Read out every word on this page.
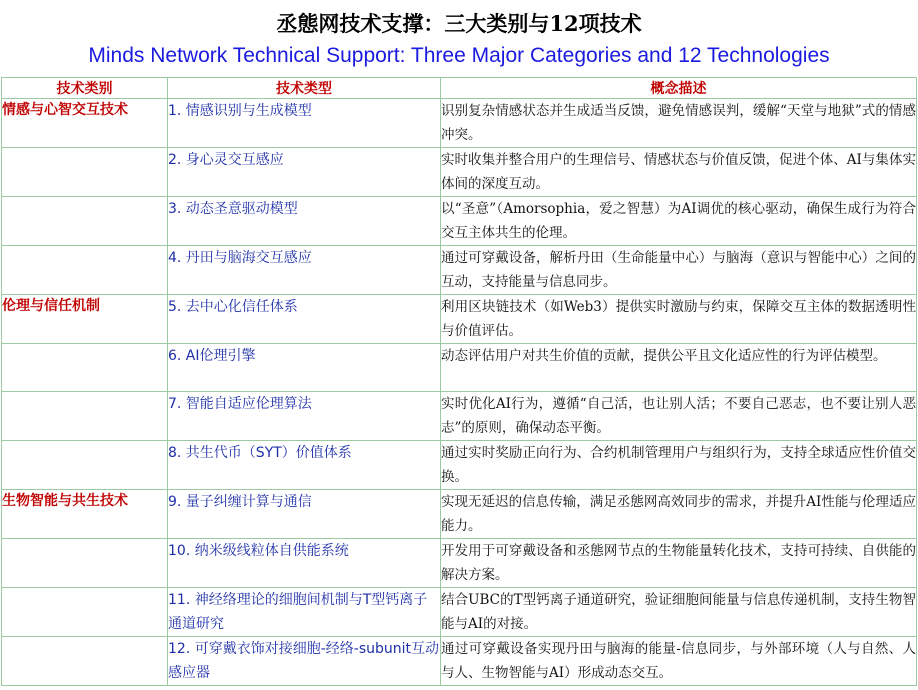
丞態网技术支撑：三大类别与12项技术
Minds Network Technical Support: Three Major Categories and 12 Technologies
技术类别	技术类型	概念描述
情感与心智交互技术	1. 情感识别与生成模型	识别复杂情感状态并生成适当反馈，避免情感误判，缓解“天堂与地狱”式的情感冲突。
	2. 身心灵交互感应	实时收集并整合用户的生理信号、情感状态与价值反馈，促进个体、AI与集体实体间的深度互动。
	3. 动态圣意驱动模型	以“圣意”（Amorsophia，爱之智慧）为AI调优的核心驱动，确保生成行为符合交互主体共生的伦理。
	4. 丹田与脑海交互感应	通过可穿戴设备，解析丹田（生命能量中心）与脑海（意识与智能中心）之间的互动，支持能量与信息同步。
伦理与信任机制	5. 去中心化信任体系	利用区块链技术（如Web3）提供实时激励与约束，保障交互主体的数据透明性与价值评估。
	6. AI伦理引擎	动态评估用户对共生价值的贡献，提供公平且文化适应性的行为评估模型。
	7. 智能自适应伦理算法	实时优化AI行为，遵循“自己活，也让别人活；不要自己恶志，也不要让别人恶志”的原则，确保动态平衡。
	8. 共生代币（SYT）价值体系	通过实时奖励正向行为、合约机制管理用户与组织行为，支持全球适应性价值交换。
生物智能与共生技术	9. 量子纠缠计算与通信	实现无延迟的信息传输，满足丞態网高效同步的需求，并提升AI性能与伦理适应能力。
	10. 纳米级线粒体自供能系统	开发用于可穿戴设备和丞態网节点的生物能量转化技术，支持可持续、自供能的解决方案。
	11. 神经络理论的细胞间机制与T型钙离子通道研究	结合UBC的T型钙离子通道研究，验证细胞间能量与信息传递机制，支持生物智能与AI的对接。
	12. 可穿戴衣饰对接细胞-经络-subunit互动感应器	通过可穿戴设备实现丹田与脑海的能量-信息同步，与外部环境（人与自然、人与人、生物智能与AI）形成动态交互。
